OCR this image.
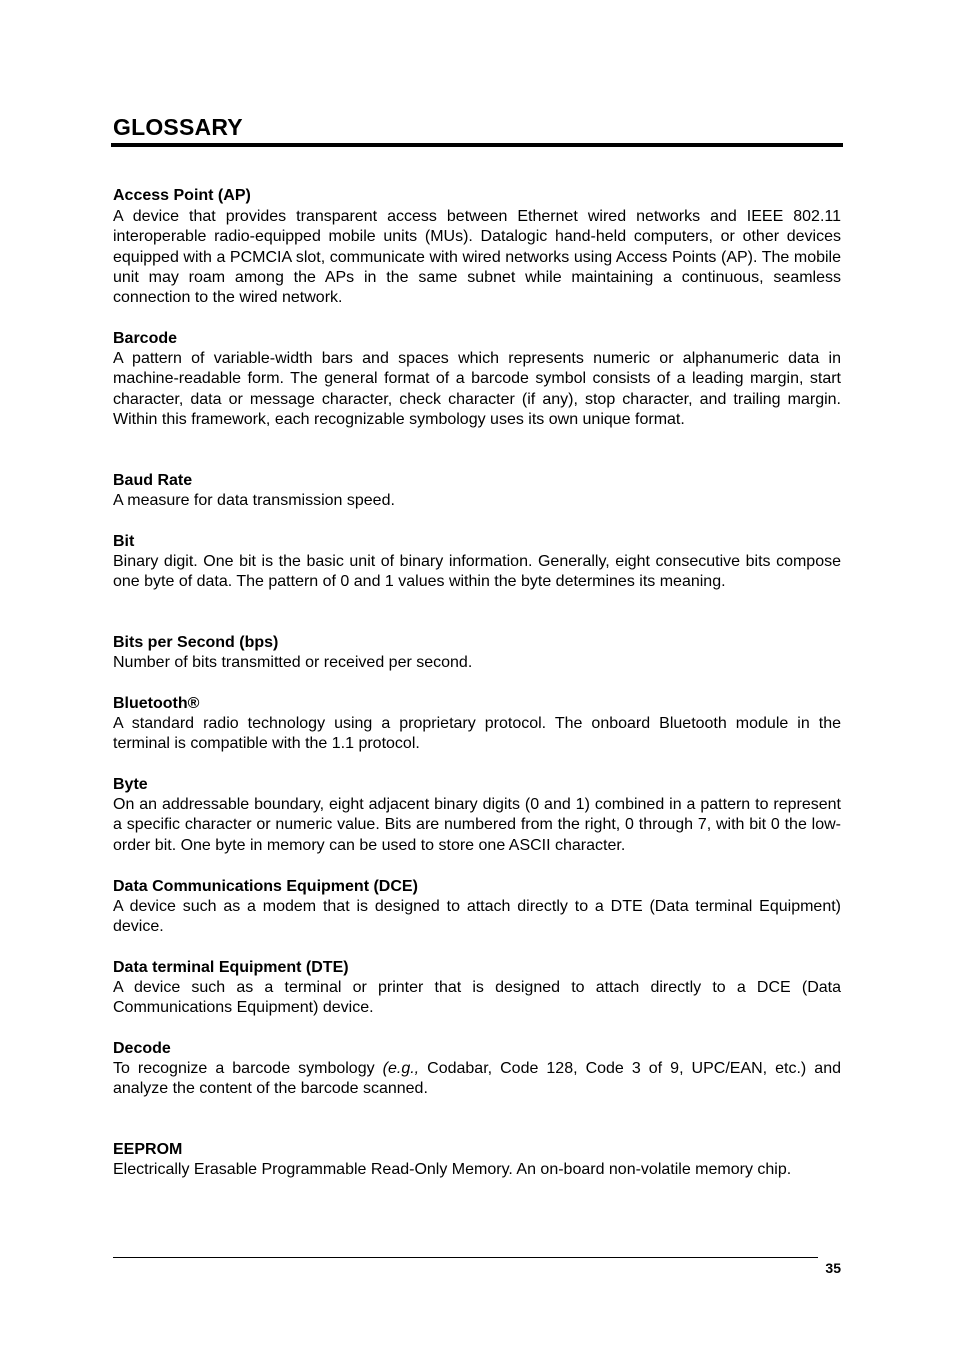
GLOSSARY
Access Point (AP)

A device that provides transparent access between Ethernet wired networks and IEEE 802.11 interoperable radio-equipped mobile units (MUs). Datalogic hand-held computers, or other devices equipped with a PCMCIA slot, communicate with wired networks using Access Points (AP). The mobile unit may roam among the APs in the same subnet while maintaining a continuous, seamless connection to the wired network.

Barcode

A pattern of variable-width bars and spaces which represents numeric or alphanumeric data in machine-readable form. The general format of a barcode symbol consists of a leading margin, start character, data or message character, check character (if any), stop character, and trailing margin. Within this framework, each recognizable symbology uses its own unique format.

Baud Rate

A measure for data transmission speed.

Bit

Binary digit. One bit is the basic unit of binary information. Generally, eight consecutive bits compose one byte of data. The pattern of 0 and 1 values within the byte determines its meaning.

Bits per Second (bps)

Number of bits transmitted or received per second.

Bluetooth®

A standard radio technology using a proprietary protocol. The onboard Bluetooth module in the terminal is compatible with the 1.1 protocol.

Byte

On an addressable boundary, eight adjacent binary digits (0 and 1) combined in a pattern to represent a specific character or numeric value. Bits are numbered from the right, 0 through 7, with bit 0 the low-order bit. One byte in memory can be used to store one ASCII character.

Data Communications Equipment (DCE)

A device such as a modem that is designed to attach directly to a DTE (Data terminal Equipment) device.

Data terminal Equipment (DTE)

A device such as a terminal or printer that is designed to attach directly to a DCE (Data Communications Equipment) device.

Decode

To recognize a barcode symbology (e.g., Codabar, Code 128, Code 3 of 9, UPC/EAN, etc.) and analyze the content of the barcode scanned.

EEPROM

Electrically Erasable Programmable Read-Only Memory. An on-board non-volatile memory chip.

35
